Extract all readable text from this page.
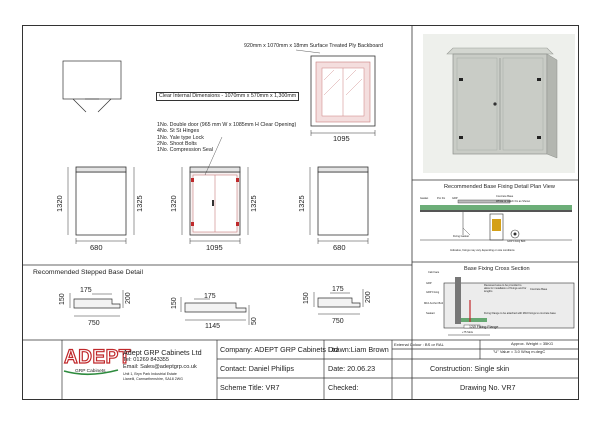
920mm x 1070mm x 18mm Surface Treated Ply Backboard
Clear Internal Dimensions - 1070mm x 570mm x 1,300mm
1No. Double door (965 mm W x 1085mm H Clear Opening)
4No. St St Hinges
1No. Yale type Lock
2No. Shoot Bolts
1No. Compression Seal
1095
1320	1325	1320	1325	1325
680	1095	680
Recommended Stepped Base Detail
150
175
200
750
150
175
50
1145
150
175
200
750
Recommended Base Fixing Detail Plan View
Gasket	Pro Fix	GRP
Concrete Base
Whole or Hatch Fix as Shown
Fixing Gasket
GRP Fixing Bolt
Indicative, fixings may vary depending on site conditions
Base Fixing Cross Section
Cab Face
GRP
GRP Fixing
M10 Anchor Bolt
Recessed area to be provided to allow for installation of fixings and for lengths
Concrete Base
Sealant
12Ø Fixing Flange
Fixing Flange to be attached with M10 fixings to concrete base
+75 Slots
ADEPT
GRP Cabinets
Adept GRP Cabinets Ltd
Tel: 01269 843355
Email: Sales@adeptgrp.co.uk
Unit 1, Bryn Park Industrial Estate
Llanelli, Carmarthenshire, SA18 2WG
Company: ADEPT GRP Cabinets Ltd
Drawn:Liam Brown
External Colour : BS or RAL	Approx. Weight = 35KG
"U" Value = 3.0 W/sq m.degC
Contact: Daniel Phillips	Date: 20.06.23	Construction: Single skin
Scheme Title: VR7	Checked:	Drawing No. VR7
